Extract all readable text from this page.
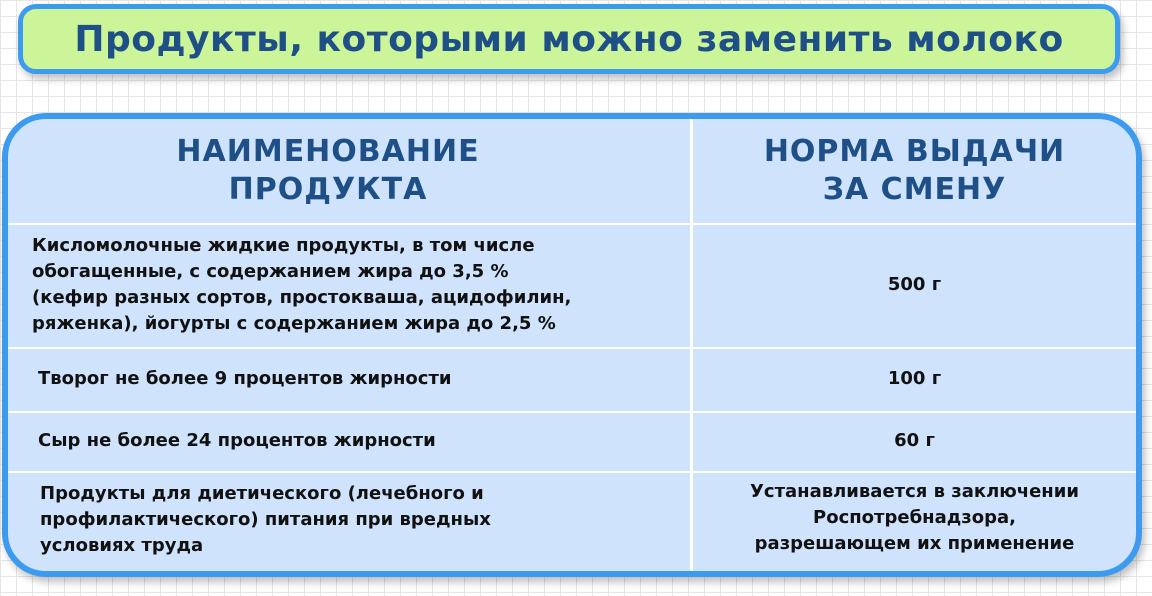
Продукты, которыми можно заменить молоко
НАИМЕНОВАНИЕ
ПРОДУКТА
НОРМА ВЫДАЧИ
ЗА СМЕНУ
Кисломолочные жидкие продукты, в том числе
обогащенные, с содержанием жира до 3,5 %
(кефир разных сортов, простокваша, ацидофилин,
ряженка), йогурты с содержанием жира до 2,5 %
500 г
Творог не более 9 процентов жирности	100 г
Сыр не более 24 процентов жирности	60 г
Продукты для диетического (лечебного и
профилактического) питания при вредных
условиях труда
Устанавливается в заключении
Роспотребнадзора,
разрешающем их применение
